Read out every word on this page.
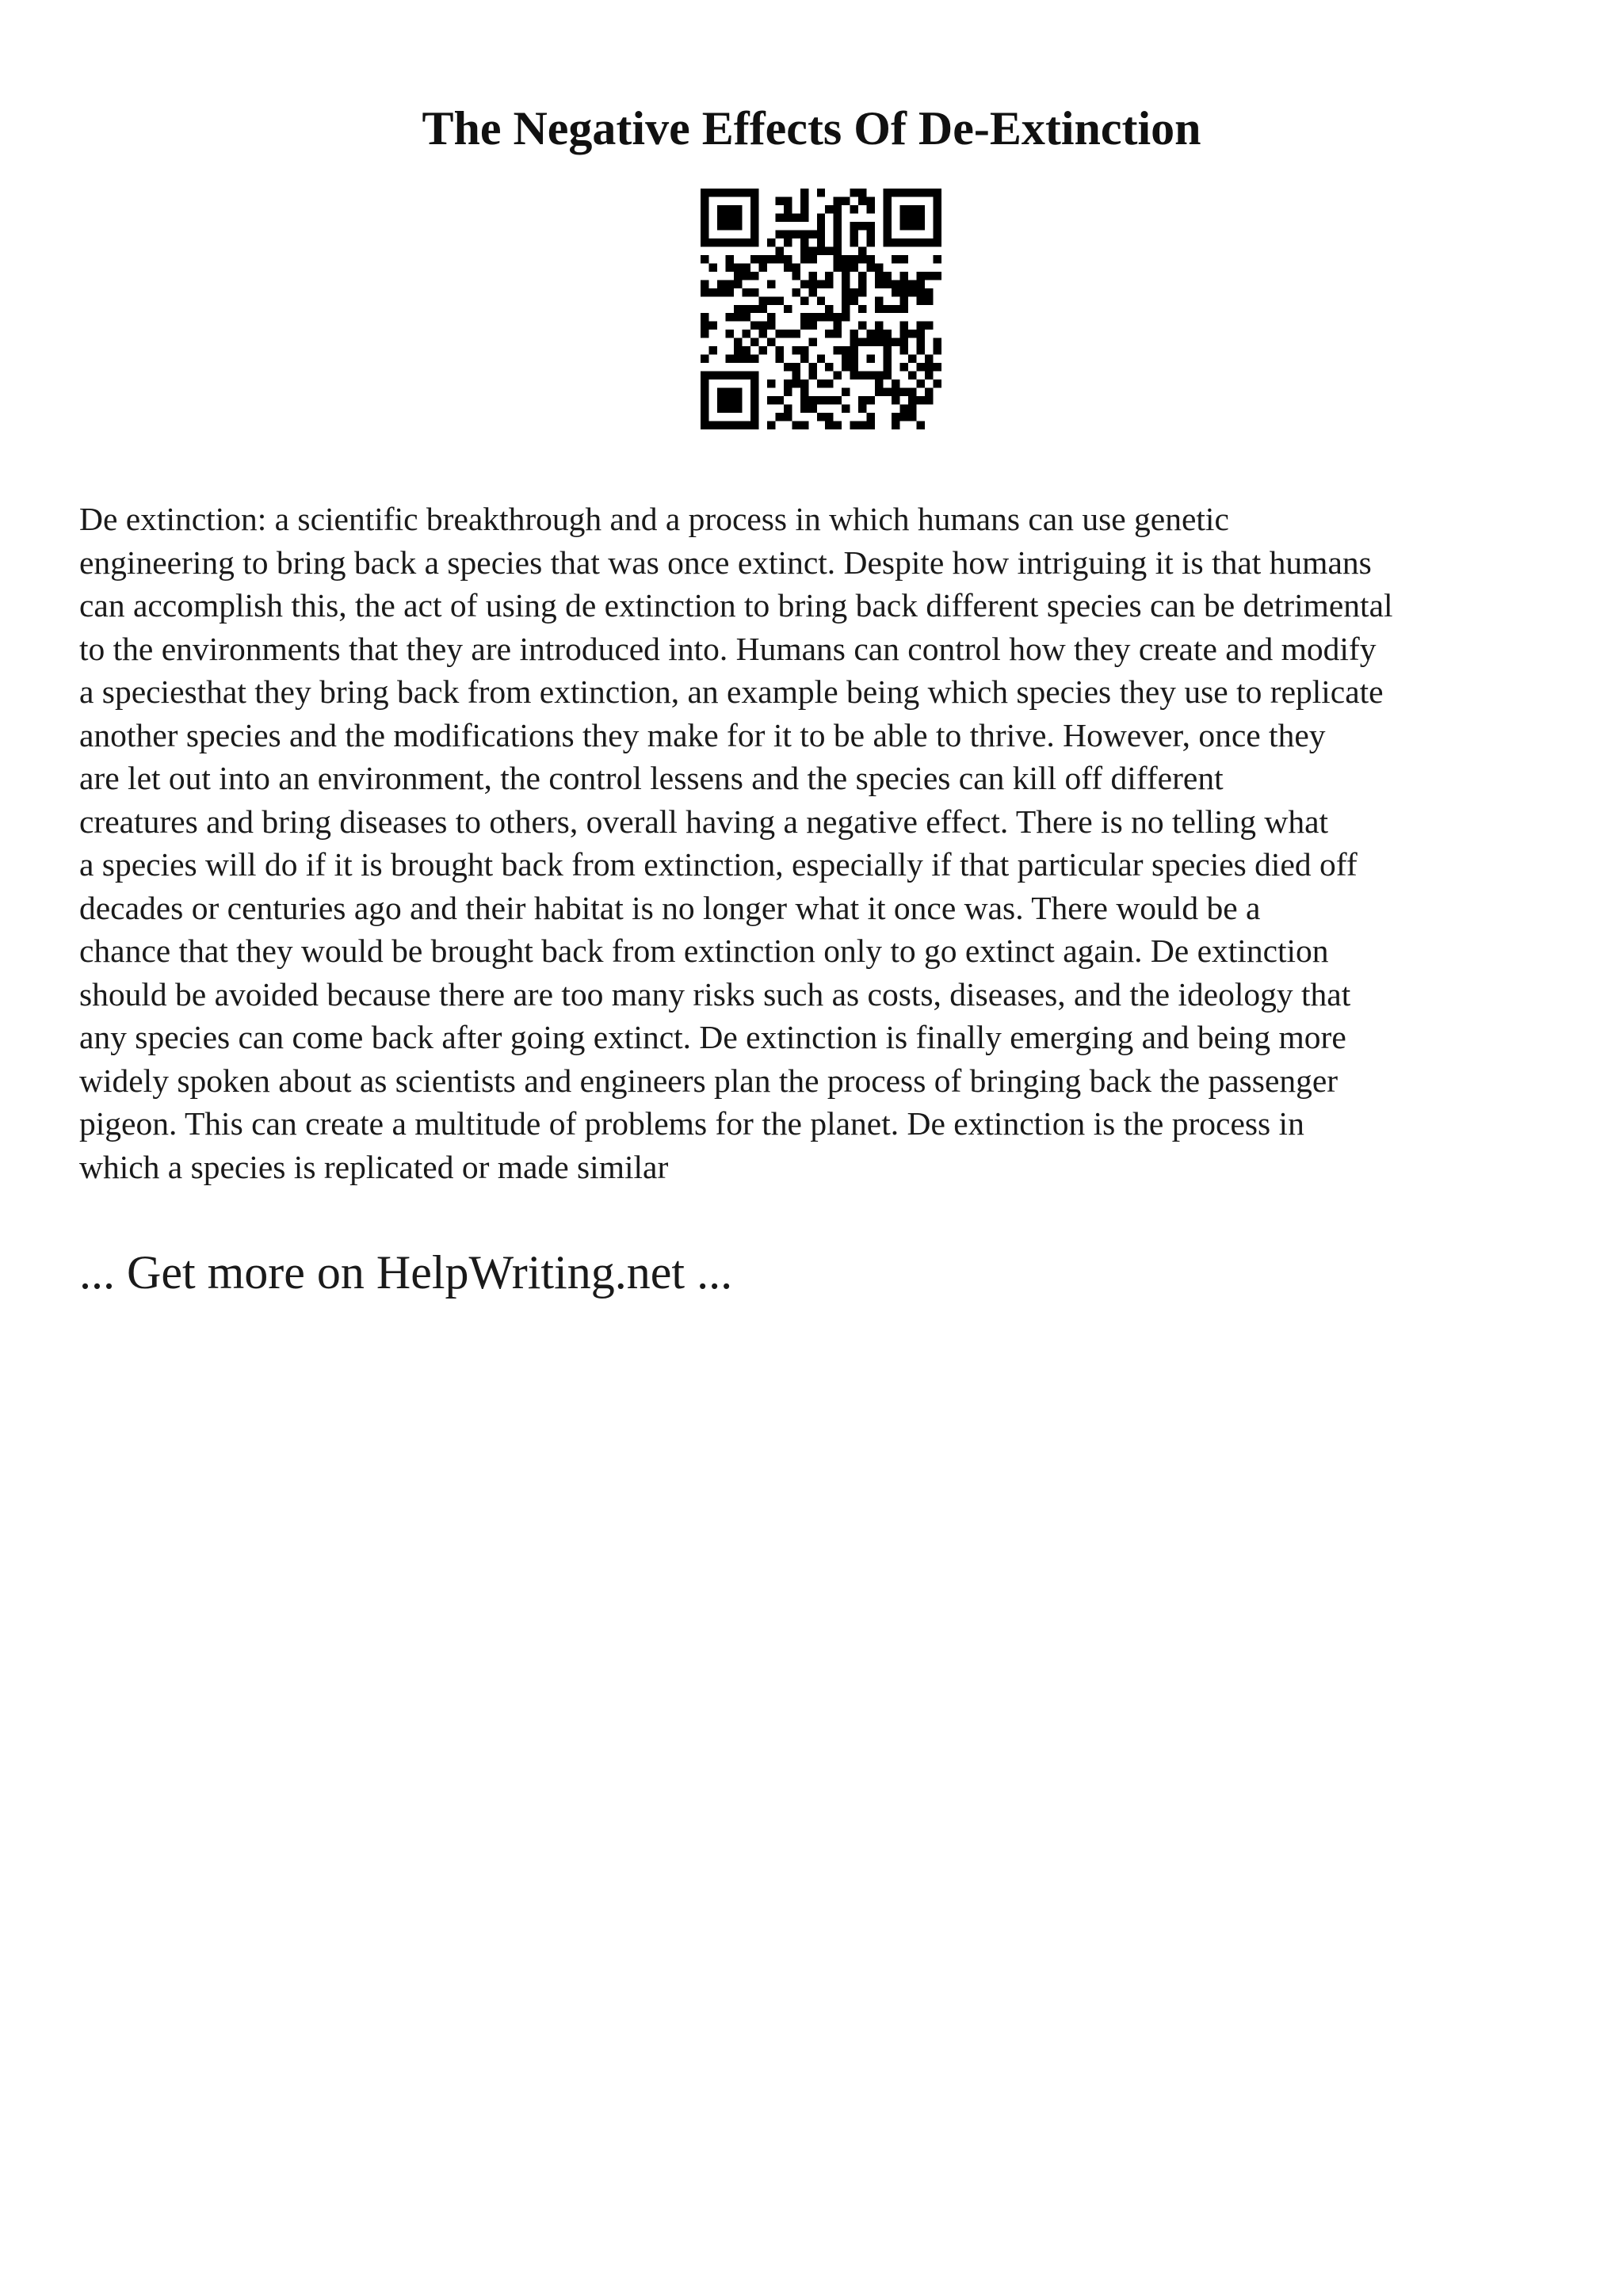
The Negative Effects Of De-Extinction
De extinction: a scientific breakthrough and a process in which humans can use genetic
engineering to bring back a species that was once extinct. Despite how intriguing it is that humans
can accomplish this, the act of using de extinction to bring back different species can be detrimental
to the environments that they are introduced into. Humans can control how they create and modify
a speciesthat they bring back from extinction, an example being which species they use to replicate
another species and the modifications they make for it to be able to thrive. However, once they
are let out into an environment, the control lessens and the species can kill off different
creatures and bring diseases to others, overall having a negative effect. There is no telling what
a species will do if it is brought back from extinction, especially if that particular species died off
decades or centuries ago and their habitat is no longer what it once was. There would be a
chance that they would be brought back from extinction only to go extinct again. De extinction
should be avoided because there are too many risks such as costs, diseases, and the ideology that
any species can come back after going extinct. De extinction is finally emerging and being more
widely spoken about as scientists and engineers plan the process of bringing back the passenger
pigeon. This can create a multitude of problems for the planet. De extinction is the process in
which a species is replicated or made similar
... Get more on HelpWriting.net ...
